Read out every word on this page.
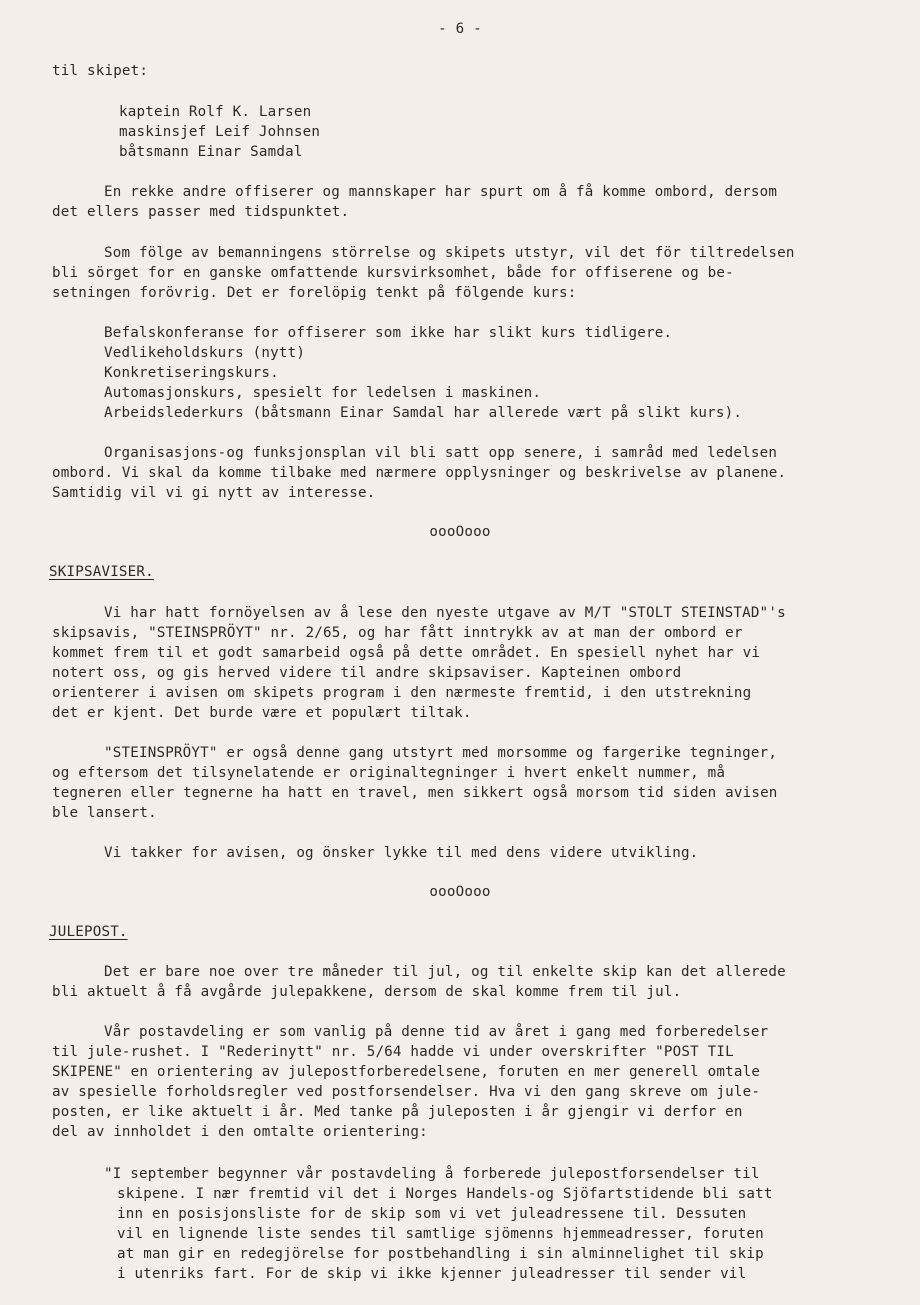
- 6 -
til skipet:
kaptein Rolf K. Larsen
maskinsjef Leif Johnsen
båtsmann Einar Samdal
En rekke andre offiserer og mannskaper har spurt om å få komme ombord, dersom
det ellers passer med tidspunktet.
Som fölge av bemanningens störrelse og skipets utstyr, vil det för tiltredelsen
bli sörget for en ganske omfattende kursvirksomhet, både for offiserene og be-
setningen forövrig. Det er forelöpig tenkt på fölgende kurs:
Befalskonferanse for offiserer som ikke har slikt kurs tidligere.
Vedlikeholdskurs (nytt)
Konkretiseringskurs.
Automasjonskurs, spesielt for ledelsen i maskinen.
Arbeidslederkurs (båtsmann Einar Samdal har allerede vært på slikt kurs).
Organisasjons-og funksjonsplan vil bli satt opp senere, i samråd med ledelsen
ombord. Vi skal da komme tilbake med nærmere opplysninger og beskrivelse av planene.
Samtidig vil vi gi nytt av interesse.
oooOooo
SKIPSAVISER.
Vi har hatt fornöyelsen av å lese den nyeste utgave av M/T "STOLT STEINSTAD"'s
skipsavis, "STEINSPRÖYT" nr. 2/65, og har fått inntrykk av at man der ombord er
kommet frem til et godt samarbeid også på dette området. En spesiell nyhet har vi
notert oss, og gis herved videre til andre skipsaviser. Kapteinen ombord
orienterer i avisen om skipets program i den nærmeste fremtid, i den utstrekning
det er kjent. Det burde være et populært tiltak.
"STEINSPRÖYT" er også denne gang utstyrt med morsomme og fargerike tegninger,
og eftersom det tilsynelatende er originaltegninger i hvert enkelt nummer, må
tegneren eller tegnerne ha hatt en travel, men sikkert også morsom tid siden avisen
ble lansert.
Vi takker for avisen, og önsker lykke til med dens videre utvikling.
oooOooo
JULEPOST.
Det er bare noe over tre måneder til jul, og til enkelte skip kan det allerede
bli aktuelt å få avgårde julepakkene, dersom de skal komme frem til jul.
Vår postavdeling er som vanlig på denne tid av året i gang med forberedelser
til jule-rushet. I "Rederinytt" nr. 5/64 hadde vi under overskrifter "POST TIL
SKIPENE" en orientering av julepostforberedelsene, foruten en mer generell omtale
av spesielle forholdsregler ved postforsendelser. Hva vi den gang skreve om jule-
posten, er like aktuelt i år. Med tanke på juleposten i år gjengir vi derfor en
del av innholdet i den omtalte orientering:
"I september begynner vår postavdeling å forberede julepostforsendelser til
skipene. I nær fremtid vil det i Norges Handels-og Sjöfartstidende bli satt
inn en posisjonsliste for de skip som vi vet juleadressene til. Dessuten
vil en lignende liste sendes til samtlige sjömenns hjemmeadresser, foruten
at man gir en redegjörelse for postbehandling i sin alminnelighet til skip
i utenriks fart. For de skip vi ikke kjenner juleadresser til sender vil
